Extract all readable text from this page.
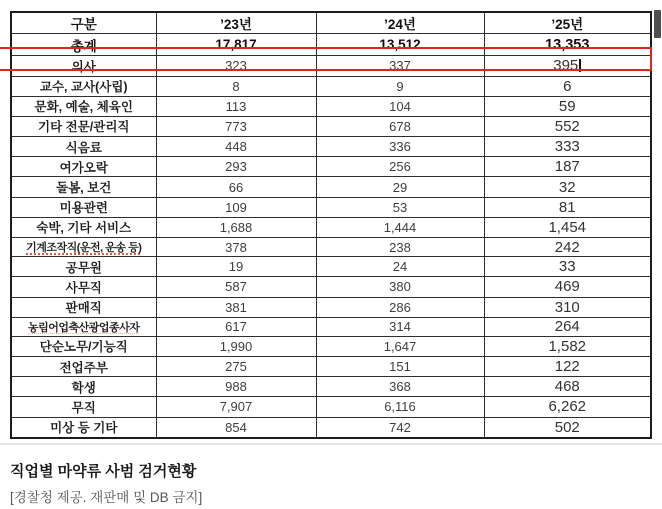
구분	’23년	’24년	’25년
총계	17,817	13,512	13,353
의사	323	337	395
교수, 교사(사립)	8	9	6
문화, 예술, 체육인	113	104	59
기타 전문/관리직	773	678	552
식음료	448	336	333
여가오락	293	256	187
돌봄, 보건	66	29	32
미용관련	109	53	81
숙박, 기타 서비스	1,688	1,444	1,454
기계조작직(운전, 운송 등)	378	238	242
공무원	19	24	33
사무직	587	380	469
판매직	381	286	310
농림어업축산광업종사자	617	314	264
단순노무/기능직	1,990	1,647	1,582
전업주부	275	151	122
학생	988	368	468
무직	7,907	6,116	6,262
미상 등 기타	854	742	502
직업별 마약류 사범 검거현황
[경찰청 제공. 재판매 및 DB 금지]
